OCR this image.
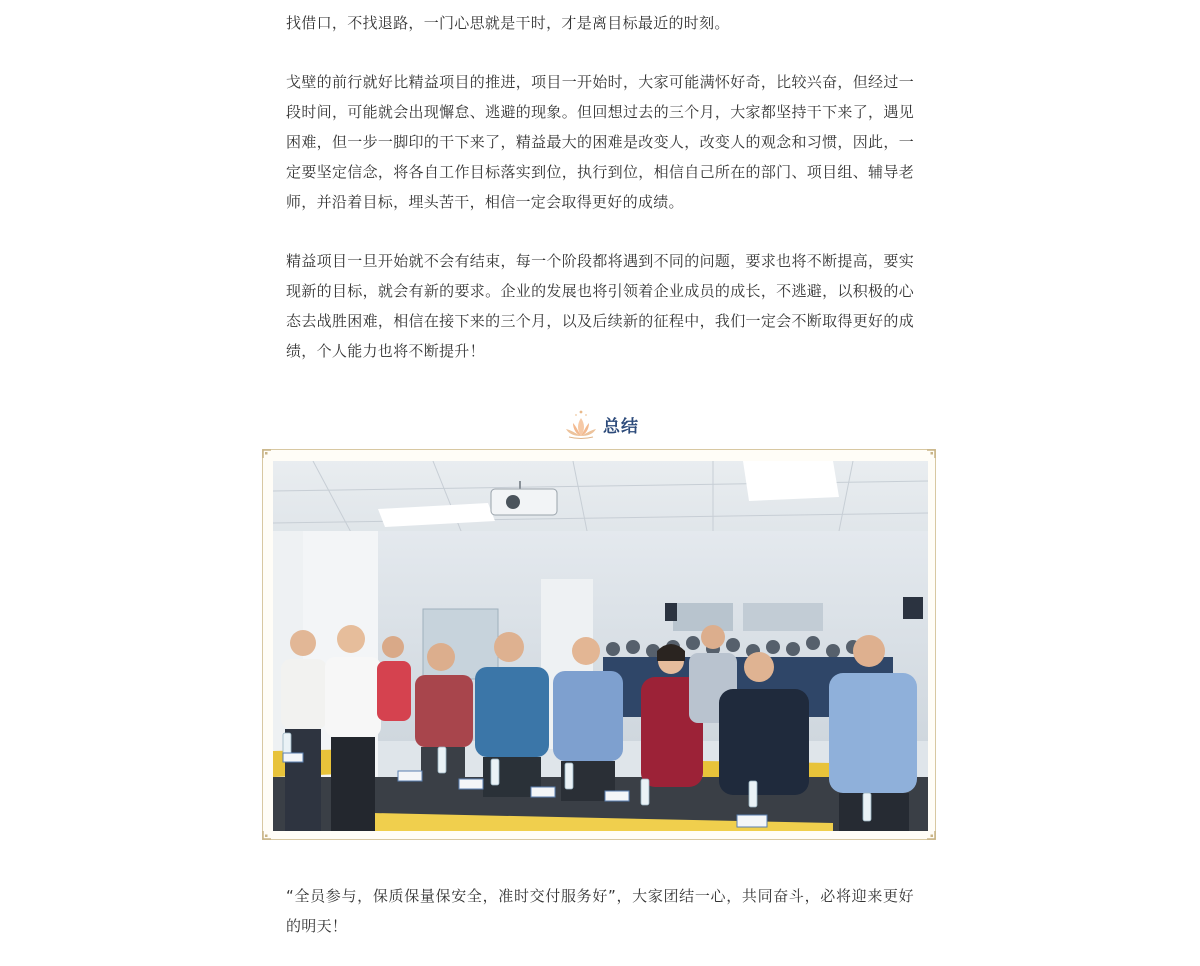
找借口，不找退路，一门心思就是干时，才是离目标最近的时刻。

戈壁的前行就好比精益项目的推进，项目一开始时，大家可能满怀好奇，比较兴奋，但经过一段时间，可能就会出现懈怠、逃避的现象。但回想过去的三个月，大家都坚持干下来了，遇见困难，但一步一脚印的干下来了，精益最大的困难是改变人，改变人的观念和习惯，因此，一定要坚定信念，将各自工作目标落实到位，执行到位，相信自己所在的部门、项目组、辅导老师，并沿着目标，埋头苦干，相信一定会取得更好的成绩。

精益项目一旦开始就不会有结束，每一个阶段都将遇到不同的问题，要求也将不断提高，要实现新的目标，就会有新的要求。企业的发展也将引领着企业成员的成长，不逃避，以积极的心态去战胜困难，相信在接下来的三个月，以及后续新的征程中，我们一定会不断取得更好的成绩，个人能力也将不断提升！

总结

“全员参与，保质保量保安全，准时交付服务好”，大家团结一心，共同奋斗，必将迎来更好的明天！
